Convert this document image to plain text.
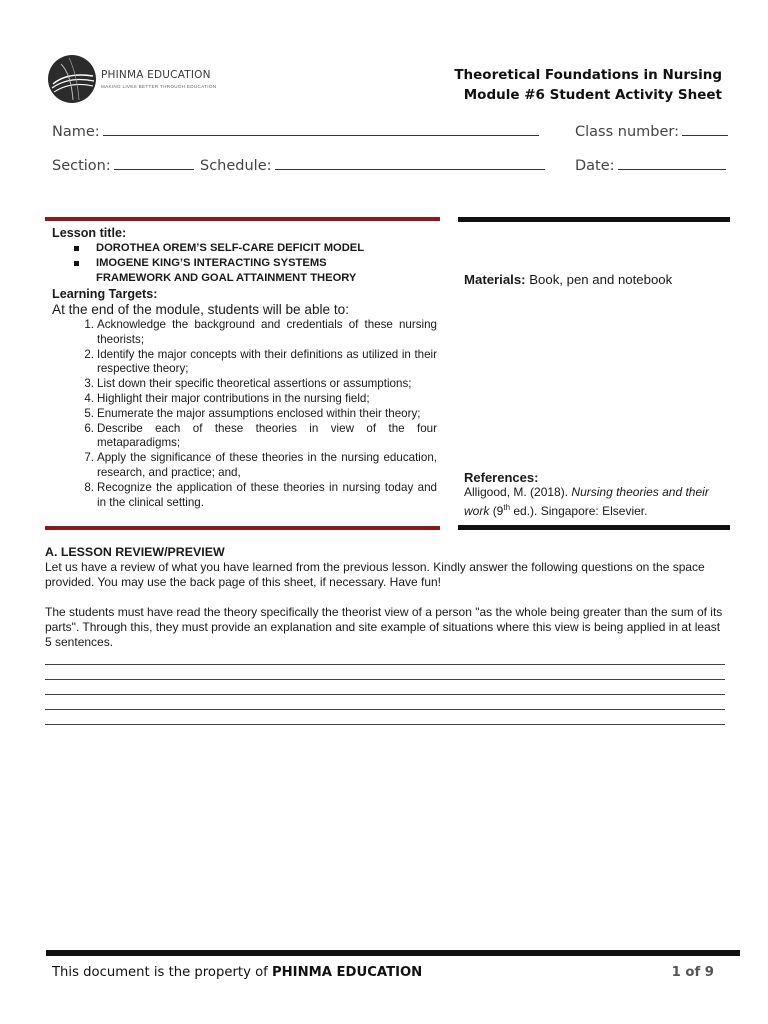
PHINMA EDUCATION
MAKING LIVES BETTER THROUGH EDUCATION
Theoretical Foundations in Nursing
Module #6 Student Activity Sheet
Name:	Class number:
Section:	Schedule:	Date:
Lesson title:
DOROTHEA OREM’S SELF-CARE DEFICIT MODEL
IMOGENE KING’S INTERACTING SYSTEMS FRAMEWORK AND GOAL ATTAINMENT THEORY
Learning Targets:
At the end of the module, students will be able to:
1. Acknowledge the background and credentials of these nursing theorists;
2. Identify the major concepts with their definitions as utilized in their respective theory;
3. List down their specific theoretical assertions or assumptions;
4. Highlight their major contributions in the nursing field;
5. Enumerate the major assumptions enclosed within their theory;
6. Describe each of these theories in view of the four metaparadigms;
7. Apply the significance of these theories in the nursing education, research, and practice; and,
8. Recognize the application of these theories in nursing today and in the clinical setting.
Materials: Book, pen and notebook
References:
Alligood, M. (2018). Nursing theories and their work (9th ed.). Singapore: Elsevier.
A. LESSON REVIEW/PREVIEW
Let us have a review of what you have learned from the previous lesson. Kindly answer the following questions on the space provided. You may use the back page of this sheet, if necessary. Have fun!
The students must have read the theory specifically the theorist view of a person "as the whole being greater than the sum of its parts". Through this, they must provide an explanation and site example of situations where this view is being applied in at least 5 sentences.
This document is the property of PHINMA EDUCATION	1 of 9
